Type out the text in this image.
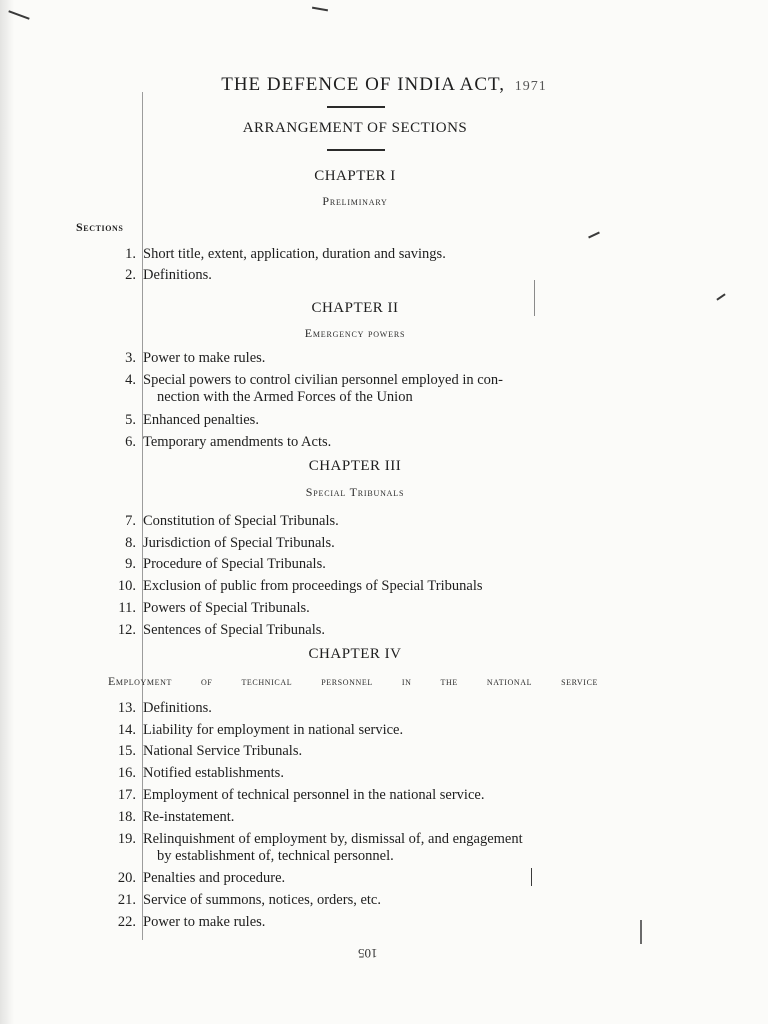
THE DEFENCE OF INDIA ACT, 1971
ARRANGEMENT OF SECTIONS
Sections
CHAPTER I
Preliminary
1. Short title, extent, application, duration and savings.
2. Definitions.
CHAPTER II
Emergency powers
3. Power to make rules.
4. Special powers to control civilian personnel employed in con-
nection with the Armed Forces of the Union
5. Enhanced penalties.
6. Temporary amendments to Acts.
CHAPTER III
Special Tribunals
7. Constitution of Special Tribunals.
8. Jurisdiction of Special Tribunals.
9. Procedure of Special Tribunals.
10. Exclusion of public from proceedings of Special Tribunals
11. Powers of Special Tribunals.
12. Sentences of Special Tribunals.
CHAPTER IV
Employment of technical personnel in the national service
13. Definitions.
14. Liability for employment in national service.
15. National Service Tribunals.
16. Notified establishments.
17. Employment of technical personnel in the national service.
18. Re-instatement.
19. Relinquishment of employment by, dismissal of, and engagement
by establishment of, technical personnel.
20. Penalties and procedure.
21. Service of summons, notices, orders, etc.
22. Power to make rules.
105
